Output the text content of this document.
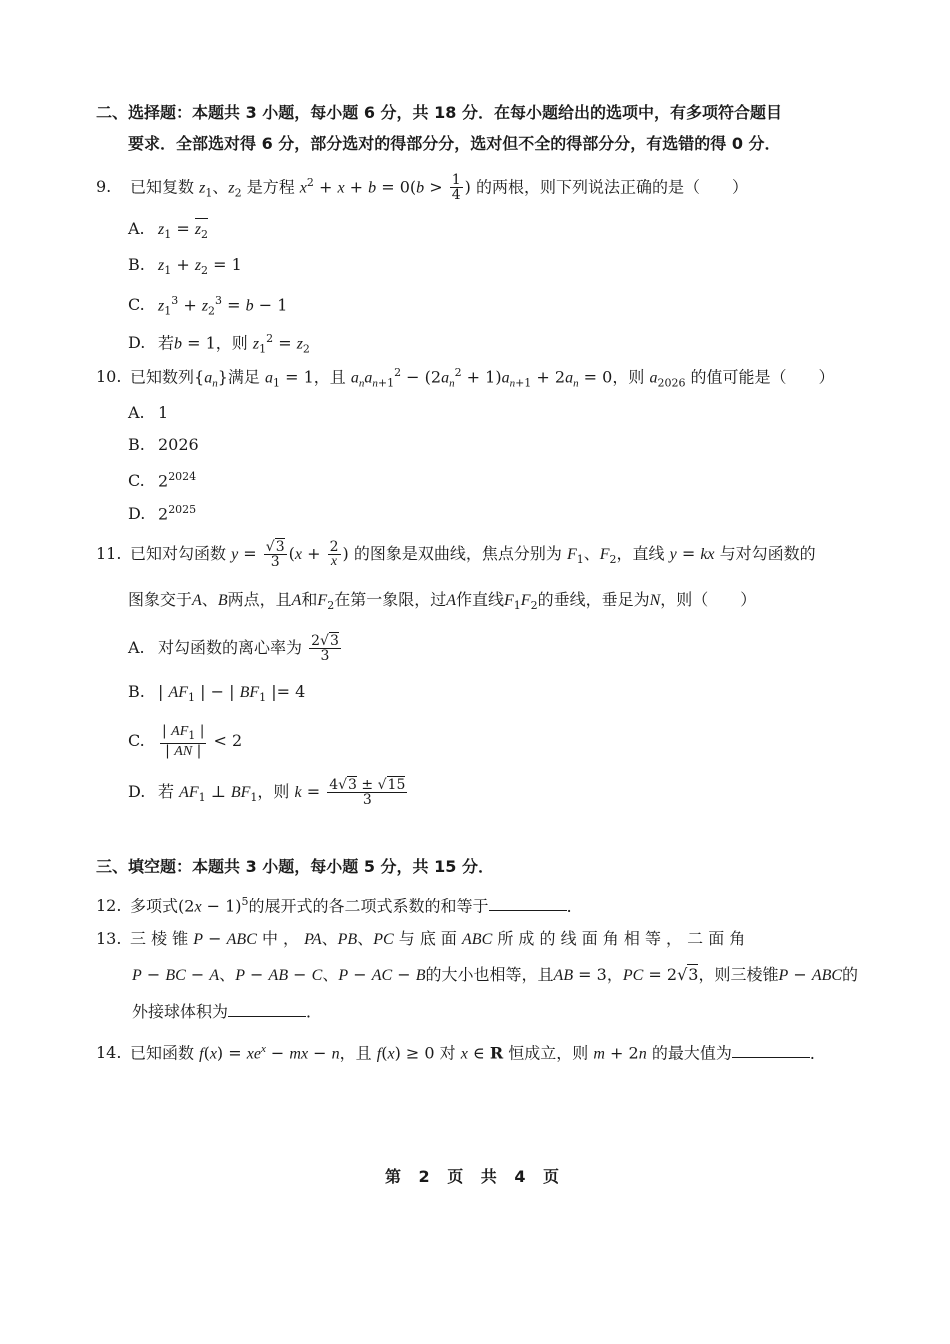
二、选择题：本题共 3 小题，每小题 6 分，共 18 分．在每小题给出的选项中，有多项符合题目
要求．全部选对得 6 分，部分选对的得部分分，选对但不全的得部分分，有选错的得 0 分．
9. 已知复数 $z_1$、$z_2$ 是方程 $x^2 + x + b = 0(b > \frac{1}{4}$ ) 的两根，则下列说法正确的是（　　）
A. $z_1 = z_2$
B. $z_1 + z_2 = 1$
C. $z_1^3 + z_2^3 = b - 1$
D. 若b = 1，则 $z_1^2 = z_2$
10. 已知数列$\{a_n\}$满足 $a_1 = 1$，且 $a_na_{n+1}^2 - (2a_n^2 + 1)a_{n+1} + 2a_n = 0$，则 $a_{2026}$ 的值可能是（　　）
A. 1
B. 2026
C. $2^{2024}$
D. $2^{2025}$
11. 已知对勾函数 $y = \frac{√3}{3} (x + \frac{2}{x}$ ) 的图象是双曲线，焦点分别为 $F_1$、$F_2$，直线 y = kx 与对勾函数的
图象交于A、B两点，且A和$F_2$在第一象限，过A作直线$F_1F_2$的垂线，垂足为N，则（　　）
A. 对勾函数的离心率为 $\frac{2√3}{3}$
B. | $AF_1$ | − | $BF_1$ |= 4
C. $\frac{| AF_1 |}{| AN |} < 2$
D. 若 $AF_1$ ⊥ $BF_1$，则 $k = \frac{4√3 \pm √15}{3}$
三、填空题：本题共 3 小题，每小题 5 分，共 15 分．
12. 多项式$(2x - 1)^5$的展开式的各二项式系数的和等于	．
13. 三 棱 锥 P − ABC 中 ， PA、PB、PC 与 底 面 ABC 所 成 的 线 面 角 相 等 ， 二 面 角
P − BC − A、P − AB − C、P − AC − B的大小也相等，且AB = 3，PC = 2√3，则三棱锥P − ABC的
外接球体积为	．
14. 已知函数 $f(x) = xe^x$ − mx − n，且 f(x) ≥ 0 对 x ∈ R 恒成立，则 m + 2n 的最大值为	．
第 2 页 共 4 页
